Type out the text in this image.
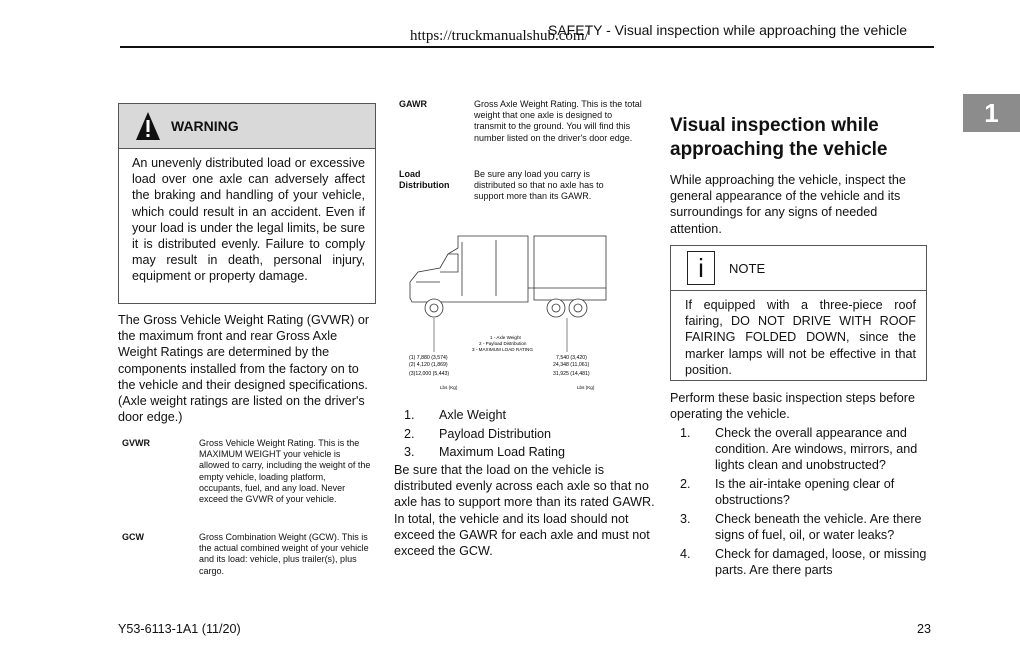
https://truckmanualshub.com/
SAFETY - Visual inspection while approaching the vehicle
1
WARNING
An unevenly distributed load or excessive load over one axle can adversely affect the braking and handling of your vehicle, which could result in an accident. Even if your load is under the legal limits, be sure it is distributed evenly. Failure to comply may result in death, personal injury, equipment or property damage.
The Gross Vehicle Weight Rating (GVWR) or the maximum front and rear Gross Axle Weight Ratings are determined by the components installed from the factory on to the vehicle and their designed specifications. (Axle weight ratings are listed on the driver's door edge.)
GVWR	Gross Vehicle Weight Rating. This is the MAXIMUM WEIGHT your vehicle is allowed to carry, including the weight of the empty vehicle, loading platform, occupants, fuel, and any load. Never exceed the GVWR of your vehicle.
GCW	Gross Combination Weight (GCW). This is the actual combined weight of your vehicle and its load: vehicle, plus trailer(s), plus cargo.
GAWR	Gross Axle Weight Rating. This is the total weight that one axle is designed to transmit to the ground. You will find this number listed on the driver's door edge.
Load Distribution
Be sure any load you carry is distributed so that no axle has to support more than its GAWR.
1 - Axle Weight
2 - Payload Distribution
3 - MAXIMUM LOAD RATING
(1) 7,880 (3,574)
(2) 4,120 (1,869)
(3)12,000 (5,443)
7,540 (3,420)
24,348 (11,061)
31,925 (14,481)
Lbs (Kg)	Lbs (Kg)
1. Axle Weight
2. Payload Distribution
3. Maximum Load Rating
Be sure that the load on the vehicle is distributed evenly across each axle so that no axle has to support more than its rated GAWR. In total, the vehicle and its load should not exceed the GAWR for each axle and must not exceed the GCW.
Visual inspection while approaching the vehicle
While approaching the vehicle, inspect the general appearance of the vehicle and its surroundings for any signs of needed attention.
i	NOTE
If equipped with a three-piece roof fairing, DO NOT DRIVE WITH ROOF FAIRING FOLDED DOWN, since the marker lamps will not be effective in that position.
Perform these basic inspection steps before operating the vehicle.
1.	Check the overall appearance and condition. Are windows, mirrors, and lights clean and unobstructed?
2.	Is the air-intake opening clear of obstructions?
3.	Check beneath the vehicle. Are there signs of fuel, oil, or water leaks?
4.	Check for damaged, loose, or missing parts. Are there parts
Y53-6113-1A1 (11/20)	23
